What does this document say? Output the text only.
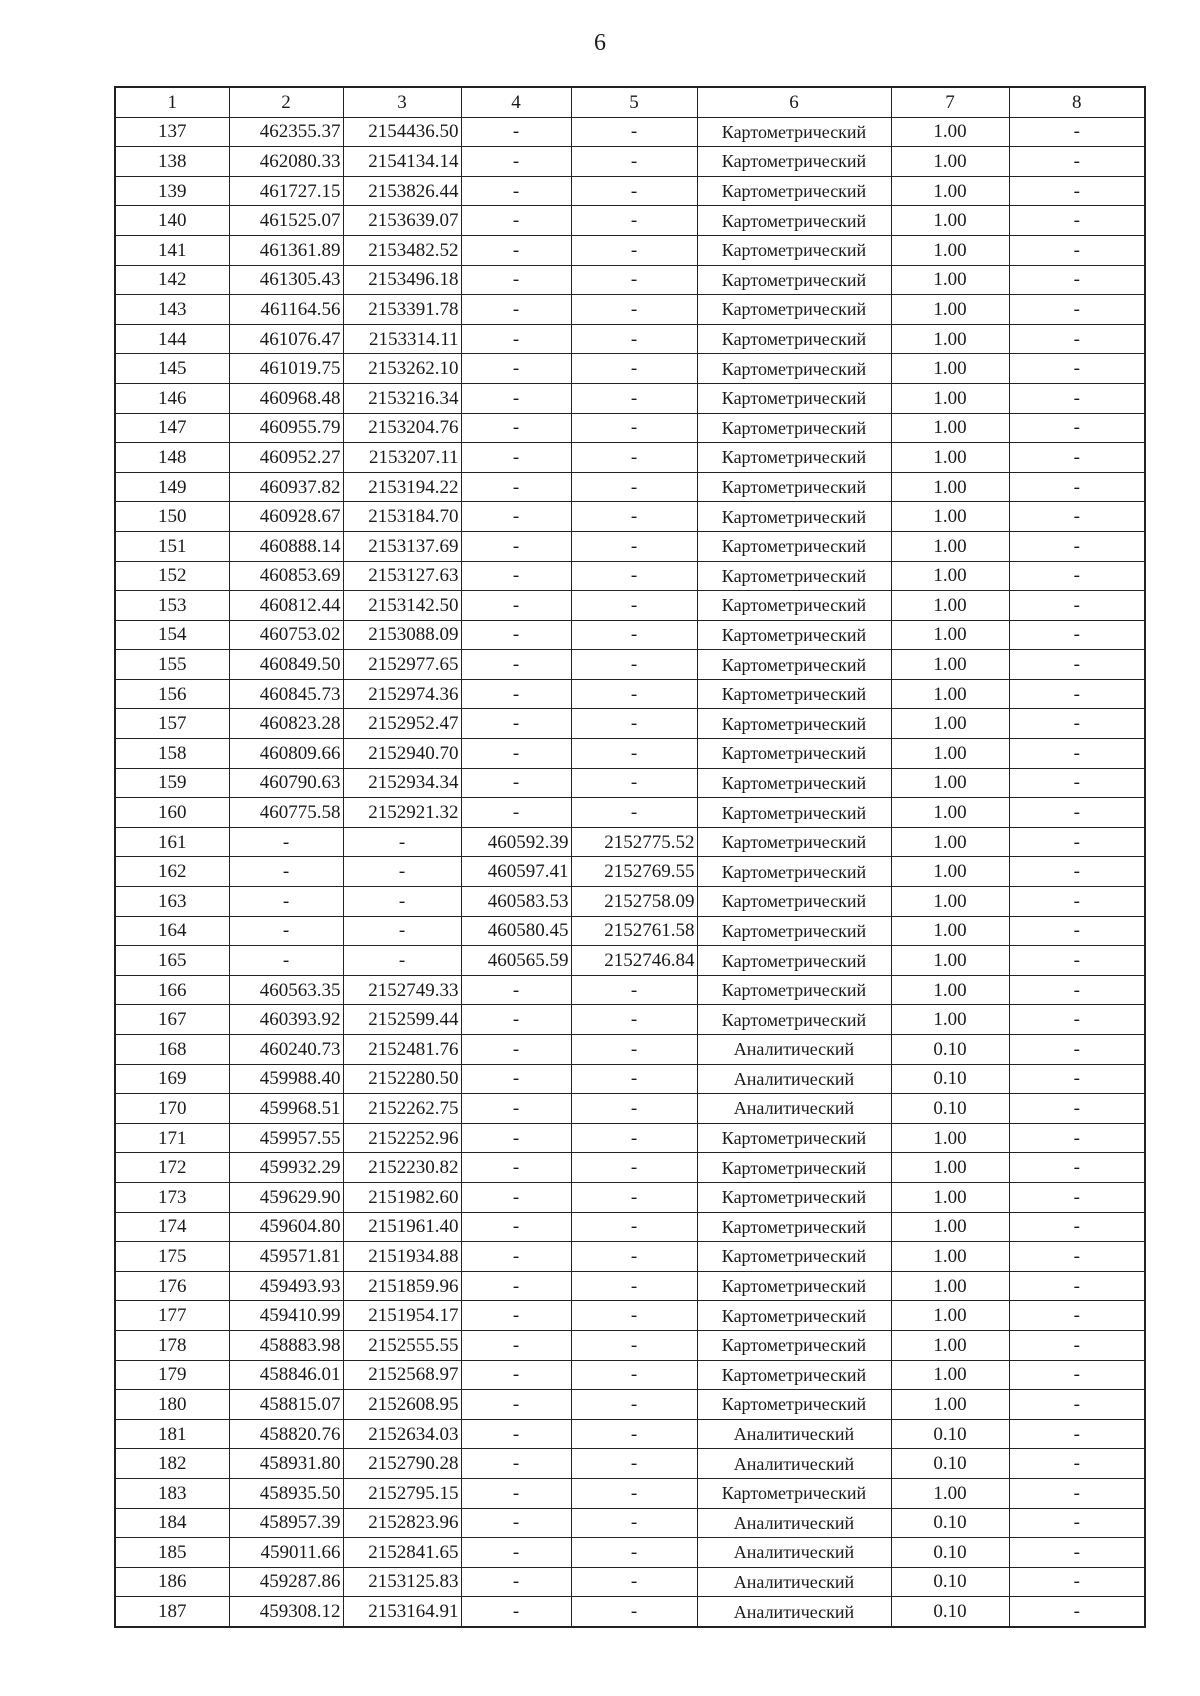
6
1	2	3	4	5	6	7	8
137	462355.37	2154436.50	-	-	Картометрический	1.00	-
138	462080.33	2154134.14	-	-	Картометрический	1.00	-
139	461727.15	2153826.44	-	-	Картометрический	1.00	-
140	461525.07	2153639.07	-	-	Картометрический	1.00	-
141	461361.89	2153482.52	-	-	Картометрический	1.00	-
142	461305.43	2153496.18	-	-	Картометрический	1.00	-
143	461164.56	2153391.78	-	-	Картометрический	1.00	-
144	461076.47	2153314.11	-	-	Картометрический	1.00	-
145	461019.75	2153262.10	-	-	Картометрический	1.00	-
146	460968.48	2153216.34	-	-	Картометрический	1.00	-
147	460955.79	2153204.76	-	-	Картометрический	1.00	-
148	460952.27	2153207.11	-	-	Картометрический	1.00	-
149	460937.82	2153194.22	-	-	Картометрический	1.00	-
150	460928.67	2153184.70	-	-	Картометрический	1.00	-
151	460888.14	2153137.69	-	-	Картометрический	1.00	-
152	460853.69	2153127.63	-	-	Картометрический	1.00	-
153	460812.44	2153142.50	-	-	Картометрический	1.00	-
154	460753.02	2153088.09	-	-	Картометрический	1.00	-
155	460849.50	2152977.65	-	-	Картометрический	1.00	-
156	460845.73	2152974.36	-	-	Картометрический	1.00	-
157	460823.28	2152952.47	-	-	Картометрический	1.00	-
158	460809.66	2152940.70	-	-	Картометрический	1.00	-
159	460790.63	2152934.34	-	-	Картометрический	1.00	-
160	460775.58	2152921.32	-	-	Картометрический	1.00	-
161	-	-	460592.39	2152775.52	Картометрический	1.00	-
162	-	-	460597.41	2152769.55	Картометрический	1.00	-
163	-	-	460583.53	2152758.09	Картометрический	1.00	-
164	-	-	460580.45	2152761.58	Картометрический	1.00	-
165	-	-	460565.59	2152746.84	Картометрический	1.00	-
166	460563.35	2152749.33	-	-	Картометрический	1.00	-
167	460393.92	2152599.44	-	-	Картометрический	1.00	-
168	460240.73	2152481.76	-	-	Аналитический	0.10	-
169	459988.40	2152280.50	-	-	Аналитический	0.10	-
170	459968.51	2152262.75	-	-	Аналитический	0.10	-
171	459957.55	2152252.96	-	-	Картометрический	1.00	-
172	459932.29	2152230.82	-	-	Картометрический	1.00	-
173	459629.90	2151982.60	-	-	Картометрический	1.00	-
174	459604.80	2151961.40	-	-	Картометрический	1.00	-
175	459571.81	2151934.88	-	-	Картометрический	1.00	-
176	459493.93	2151859.96	-	-	Картометрический	1.00	-
177	459410.99	2151954.17	-	-	Картометрический	1.00	-
178	458883.98	2152555.55	-	-	Картометрический	1.00	-
179	458846.01	2152568.97	-	-	Картометрический	1.00	-
180	458815.07	2152608.95	-	-	Картометрический	1.00	-
181	458820.76	2152634.03	-	-	Аналитический	0.10	-
182	458931.80	2152790.28	-	-	Аналитический	0.10	-
183	458935.50	2152795.15	-	-	Картометрический	1.00	-
184	458957.39	2152823.96	-	-	Аналитический	0.10	-
185	459011.66	2152841.65	-	-	Аналитический	0.10	-
186	459287.86	2153125.83	-	-	Аналитический	0.10	-
187	459308.12	2153164.91	-	-	Аналитический	0.10	-
